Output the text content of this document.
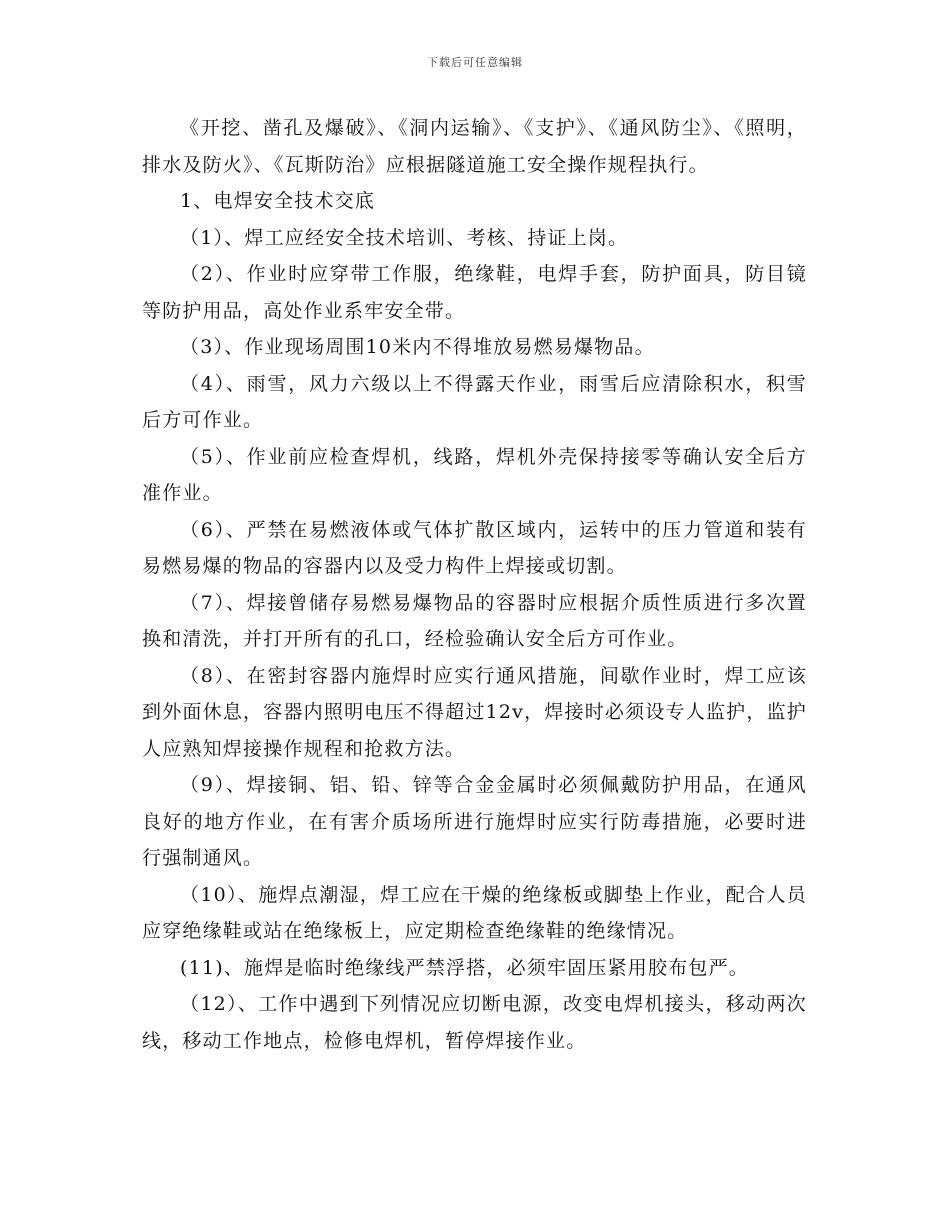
下载后可任意编辑

《开挖、凿孔及爆破》、《洞内运输》、《支护》、《通风防尘》、《照明，排水及防火》、《瓦斯防治》应根据隧道施工安全操作规程执行。

1、电焊安全技术交底

（1）、焊工应经安全技术培训、考核、持证上岗。

（2）、作业时应穿带工作服，绝缘鞋，电焊手套，防护面具，防目镜等防护用品，高处作业系牢安全带。

（3）、作业现场周围10米内不得堆放易燃易爆物品。

（4）、雨雪，风力六级以上不得露天作业，雨雪后应清除积水，积雪后方可作业。

（5）、作业前应检查焊机，线路，焊机外壳保持接零等确认安全后方准作业。

（6）、严禁在易燃液体或气体扩散区域内，运转中的压力管道和装有易燃易爆的物品的容器内以及受力构件上焊接或切割。

（7）、焊接曾储存易燃易爆物品的容器时应根据介质性质进行多次置换和清洗，并打开所有的孔口，经检验确认安全后方可作业。

（8）、在密封容器内施焊时应实行通风措施，间歇作业时，焊工应该到外面休息，容器内照明电压不得超过12v，焊接时必须设专人监护，监护人应熟知焊接操作规程和抢救方法。

（9）、焊接铜、铝、铅、锌等合金金属时必须佩戴防护用品，在通风良好的地方作业，在有害介质场所进行施焊时应实行防毒措施，必要时进行强制通风。

（10）、施焊点潮湿，焊工应在干燥的绝缘板或脚垫上作业，配合人员应穿绝缘鞋或站在绝缘板上，应定期检查绝缘鞋的绝缘情况。

(11)、施焊是临时绝缘线严禁浮搭，必须牢固压紧用胶布包严。

（12）、工作中遇到下列情况应切断电源，改变电焊机接头，移动两次线，移动工作地点，检修电焊机，暂停焊接作业。
